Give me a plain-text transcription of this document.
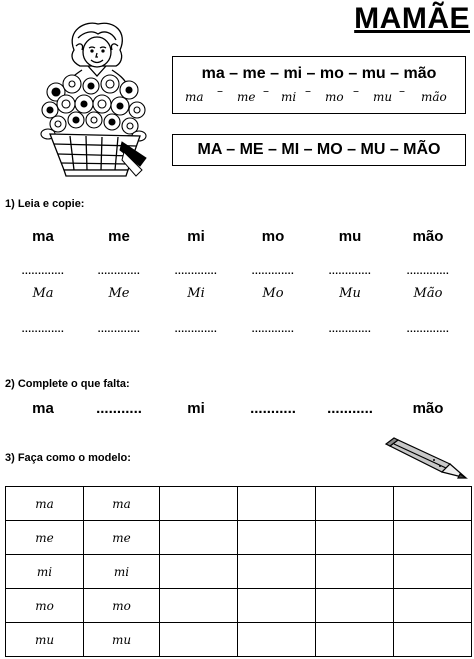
MAMÃE
ma – me – mi – mo – mu – mão
ma – me – mi – mo – mu – mão
MA – ME – MI – MO – MU – MÃO
1) Leia e copie:
ma	me	mi	mo	mu	mão
.............	.............	.............	.............	.............	.............
Ma	Me	Mi	Mo	Mu	Mão
.............	.............	.............	.............	.............	.............
2) Complete o que falta:
ma	...........	mi	...........	...........	mão
3) Faça como o modelo:
ma	ma				
me	me				
mi	mi				
mo	mo				
mu	mu				
